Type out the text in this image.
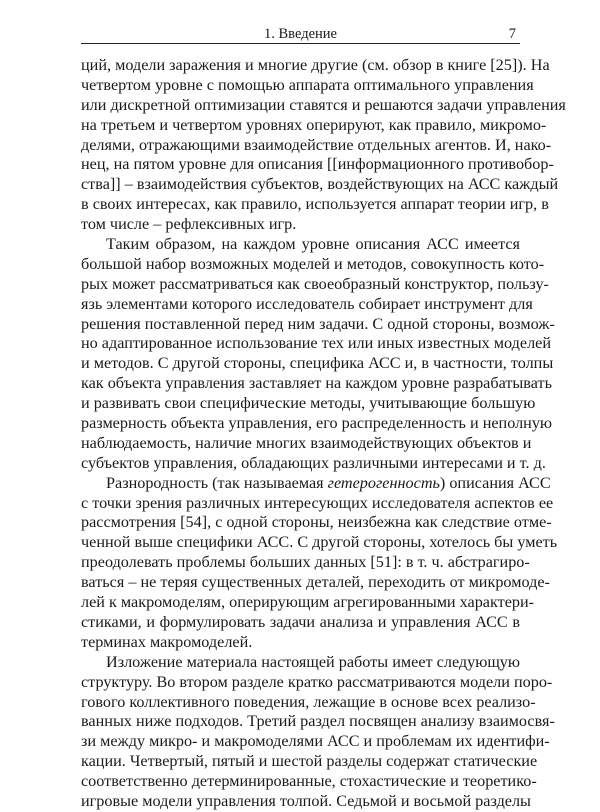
1. Введение	7
ций, модели заражения и многие другие (см. обзор в книге [25]). На
четвертом уровне с помощью аппарата оптимального управления
или дискретной оптимизации ставятся и решаются задачи управления
на третьем и четвертом уровнях оперируют, как правило, микромо-
делями, отражающими взаимодействие отдельных агентов. И, нако-
нец, на пятом уровне для описания [[информационного противобор-
ства]] – взаимодействия субъектов, воздействующих на АСС каждый
в своих интересах, как правило, используется аппарат теории игр, в
том числе – рефлексивных игр.
Таким образом, на каждом уровне описания АСС имеется
большой набор возможных моделей и методов, совокупность кото-
рых может рассматриваться как своеобразный конструктор, пользу-
язь элементами которого исследователь собирает инструмент для
решения поставленной перед ним задачи. С одной стороны, возмож-
но адаптированное использование тех или иных известных моделей
и методов. С другой стороны, специфика АСС и, в частности, толпы
как объекта управления заставляет на каждом уровне разрабатывать
и развивать свои специфические методы, учитывающие большую
размерность объекта управления, его распределенность и неполную
наблюдаемость, наличие многих взаимодействующих объектов и
субъектов управления, обладающих различными интересами и т. д.
Разнородность (так называемая гетерогенность) описания АСС
с точки зрения различных интересующих исследователя аспектов ее
рассмотрения [54], с одной стороны, неизбежна как следствие отме-
ченной выше специфики АСС. С другой стороны, хотелось бы уметь
преодолевать проблемы больших данных [51]: в т. ч. абстрагиро-
ваться – не теряя существенных деталей, переходить от микромоде-
лей к макромоделям, оперирующим агрегированными характери-
стиками, и формулировать задачи анализа и управления АСС в
терминах макромоделей.
Изложение материала настоящей работы имеет следующую
структуру. Во втором разделе кратко рассматриваются модели поро-
гового коллективного поведения, лежащие в основе всех реализо-
ванных ниже подходов. Третий раздел посвящен анализу взаимосвя-
зи между микро- и макромоделями АСС и проблемам их идентифи-
кации. Четвертый, пятый и шестой разделы содержат статические
соответственно детерминированные, стохастические и теоретико-
игровые модели управления толпой. Седьмой и восьмой разделы
